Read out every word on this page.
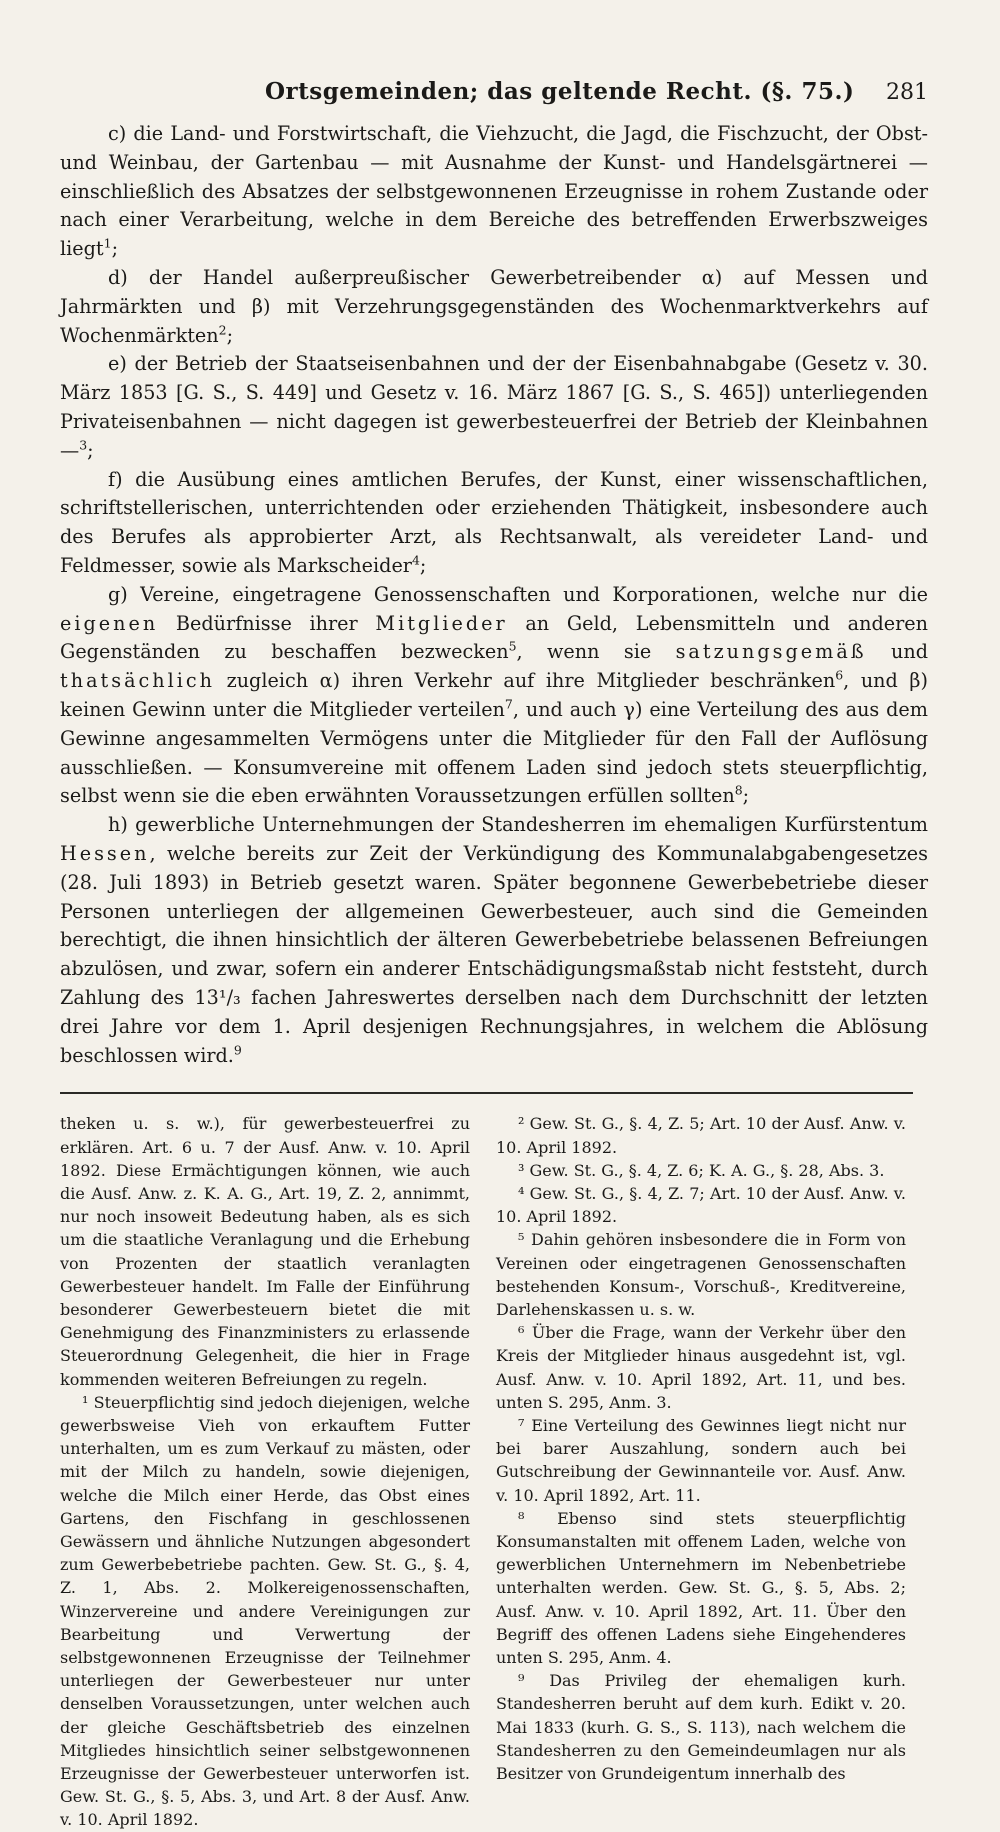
Ortsgemeinden; das geltende Recht. (§. 75.) 281

c) die Land- und Forstwirtschaft, die Viehzucht, die Jagd, die Fischzucht, der Obst- und Weinbau, der Gartenbau — mit Ausnahme der Kunst- und Handelsgärtnerei — einschließlich des Absatzes der selbstgewonnenen Erzeugnisse in rohem Zustande oder nach einer Verarbeitung, welche in dem Bereiche des betreffenden Erwerbszweiges liegt$^1$;

d) der Handel außerpreußischer Gewerbetreibender α) auf Messen und Jahrmärkten und β) mit Verzehrungsgegenständen des Wochenmarktverkehrs auf Wochenmärkten$^2$;

e) der Betrieb der Staatseisenbahnen und der der Eisenbahnabgabe (Gesetz v. 30. März 1853 [G. S., S. 449] und Gesetz v. 16. März 1867 [G. S., S. 465]) unterliegenden Privateisenbahnen — nicht dagegen ist gewerbesteuerfrei der Betrieb der Kleinbahnen —$^3$;

f) die Ausübung eines amtlichen Berufes, der Kunst, einer wissenschaftlichen, schriftstellerischen, unterrichtenden oder erziehenden Thätigkeit, insbesondere auch des Berufes als approbierter Arzt, als Rechtsanwalt, als vereideter Land- und Feldmesser, sowie als Markscheider$^4$;

g) Vereine, eingetragene Genossenschaften und Korporationen, welche nur die eigenen Bedürfnisse ihrer Mitglieder an Geld, Lebensmitteln und anderen Gegenständen zu beschaffen bezwecken$^5$, wenn sie satzungsgemäß und thatsächlich zugleich α) ihren Verkehr auf ihre Mitglieder beschränken$^6$, und β) keinen Gewinn unter die Mitglieder verteilen$^7$, und auch γ) eine Verteilung des aus dem Gewinne angesammelten Vermögens unter die Mitglieder für den Fall der Auflösung ausschließen. — Konsumvereine mit offenem Laden sind jedoch stets steuerpflichtig, selbst wenn sie die eben erwähnten Voraussetzungen erfüllen sollten$^8$;

h) gewerbliche Unternehmungen der Standesherren im ehemaligen Kurfürstentum Hessen, welche bereits zur Zeit der Verkündigung des Kommunalabgabengesetzes (28. Juli 1893) in Betrieb gesetzt waren. Später begonnene Gewerbebetriebe dieser Personen unterliegen der allgemeinen Gewerbesteuer, auch sind die Gemeinden berechtigt, die ihnen hinsichtlich der älteren Gewerbebetriebe belassenen Befreiungen abzulösen, und zwar, sofern ein anderer Entschädigungsmaßstab nicht feststeht, durch Zahlung des 13¹/₃ fachen Jahreswertes derselben nach dem Durchschnitt der letzten drei Jahre vor dem 1. April desjenigen Rechnungsjahres, in welchem die Ablösung beschlossen wird.$^9$

theken u. s. w.), für gewerbesteuerfrei zu erklären. Art. 6 u. 7 der Ausf. Anw. v. 10. April 1892. Diese Ermächtigungen können, wie auch die Ausf. Anw. z. K. A. G., Art. 19, Z. 2, annimmt, nur noch insoweit Bedeutung haben, als es sich um die staatliche Veranlagung und die Erhebung von Prozenten der staatlich veranlagten Gewerbesteuer handelt. Im Falle der Einführung besonderer Gewerbesteuern bietet die mit Genehmigung des Finanzministers zu erlassende Steuerordnung Gelegenheit, die hier in Frage kommenden weiteren Befreiungen zu regeln.

¹ Steuerpflichtig sind jedoch diejenigen, welche gewerbsweise Vieh von erkauftem Futter unterhalten, um es zum Verkauf zu mästen, oder mit der Milch zu handeln, sowie diejenigen, welche die Milch einer Herde, das Obst eines Gartens, den Fischfang in geschlossenen Gewässern und ähnliche Nutzungen abgesondert zum Gewerbebetriebe pachten. Gew. St. G., §. 4, Z. 1, Abs. 2. Molkereigenossenschaften, Winzervereine und andere Vereinigungen zur Bearbeitung und Verwertung der selbstgewonnenen Erzeugnisse der Teilnehmer unterliegen der Gewerbesteuer nur unter denselben Voraussetzungen, unter welchen auch der gleiche Geschäftsbetrieb des einzelnen Mitgliedes hinsichtlich seiner selbstgewonnenen Erzeugnisse der Gewerbesteuer unterworfen ist. Gew. St. G., §. 5, Abs. 3, und Art. 8 der Ausf. Anw. v. 10. April 1892.

² Gew. St. G., §. 4, Z. 5; Art. 10 der Ausf. Anw. v. 10. April 1892.

³ Gew. St. G., §. 4, Z. 6; K. A. G., §. 28, Abs. 3.

⁴ Gew. St. G., §. 4, Z. 7; Art. 10 der Ausf. Anw. v. 10. April 1892.

⁵ Dahin gehören insbesondere die in Form von Vereinen oder eingetragenen Genossenschaften bestehenden Konsum-, Vorschuß-, Kreditvereine, Darlehenskassen u. s. w.

⁶ Über die Frage, wann der Verkehr über den Kreis der Mitglieder hinaus ausgedehnt ist, vgl. Ausf. Anw. v. 10. April 1892, Art. 11, und bes. unten S. 295, Anm. 3.

⁷ Eine Verteilung des Gewinnes liegt nicht nur bei barer Auszahlung, sondern auch bei Gutschreibung der Gewinnanteile vor. Ausf. Anw. v. 10. April 1892, Art. 11.

⁸ Ebenso sind stets steuerpflichtig Konsumanstalten mit offenem Laden, welche von gewerblichen Unternehmern im Nebenbetriebe unterhalten werden. Gew. St. G., §. 5, Abs. 2; Ausf. Anw. v. 10. April 1892, Art. 11. Über den Begriff des offenen Ladens siehe Eingehenderes unten S. 295, Anm. 4.

⁹ Das Privileg der ehemaligen kurh. Standesherren beruht auf dem kurh. Edikt v. 20. Mai 1833 (kurh. G. S., S. 113), nach welchem die Standesherren zu den Gemeindeumlagen nur als Besitzer von Grundeigentum innerhalb des
